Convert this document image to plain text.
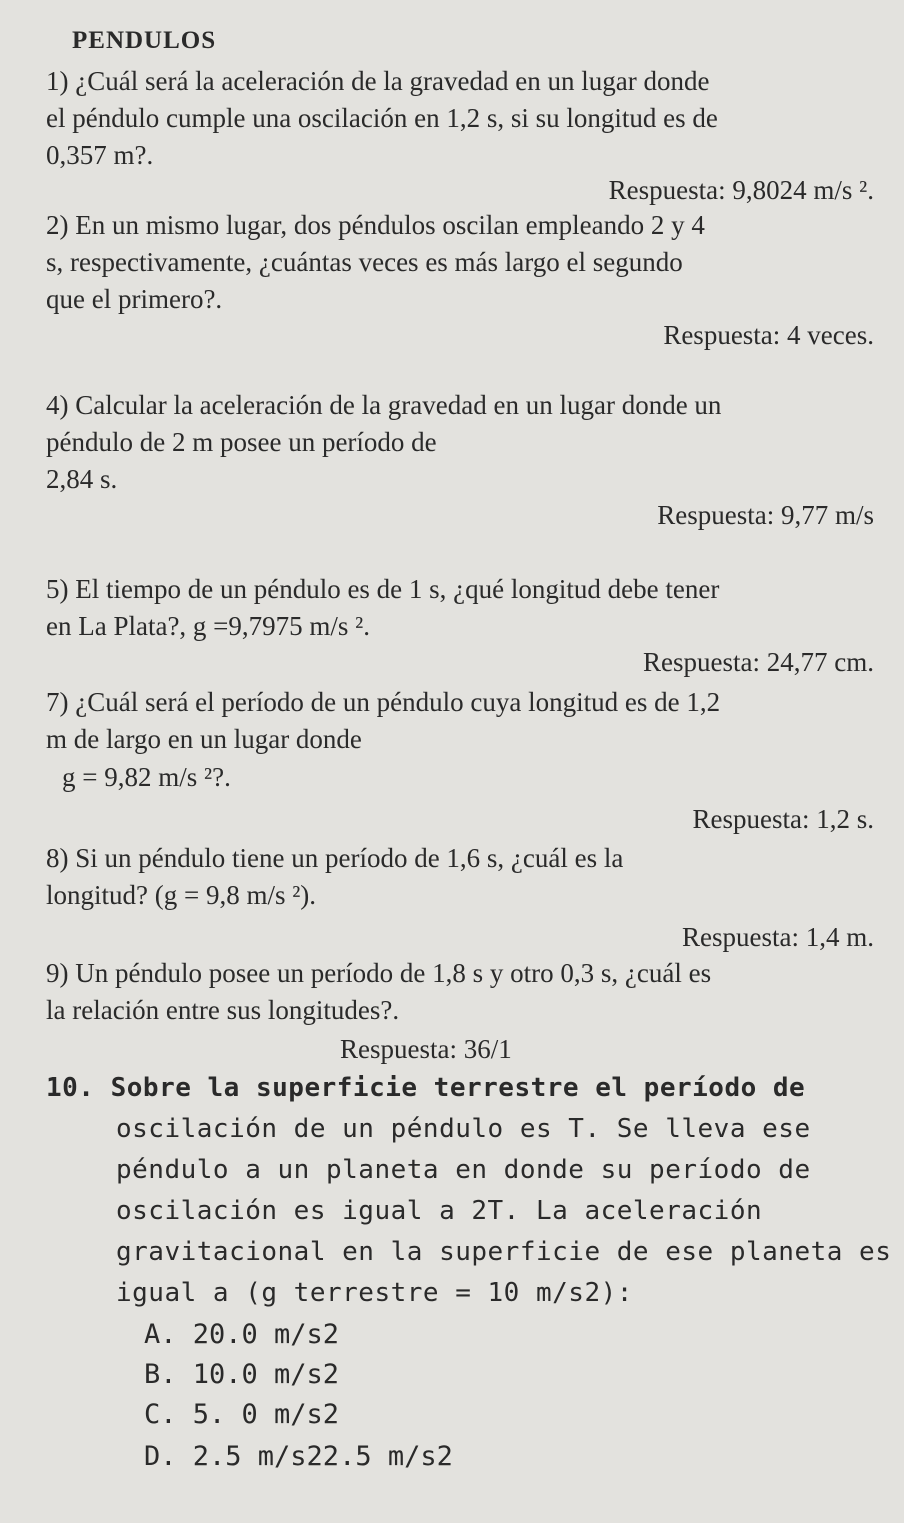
PENDULOS
1) ¿Cuál será la aceleración de la gravedad en un lugar donde
el péndulo cumple una oscilación en 1,2 s, si su longitud es de
0,357 m?.
Respuesta: 9,8024 m/s ².
2) En un mismo lugar, dos péndulos oscilan empleando 2 y 4
s, respectivamente, ¿cuántas veces es más largo el segundo
que el primero?.
Respuesta: 4 veces.
4) Calcular la aceleración de la gravedad en un lugar donde un
péndulo de 2 m posee un período de
2,84 s.
Respuesta: 9,77 m/s
5) El tiempo de un péndulo es de 1 s, ¿qué longitud debe tener
en La Plata?, g =9,7975 m/s ².
Respuesta: 24,77 cm.
7) ¿Cuál será el período de un péndulo cuya longitud es de 1,2
m de largo en un lugar donde
g = 9,82 m/s ²?.
Respuesta: 1,2 s.
8) Si un péndulo tiene un período de 1,6 s, ¿cuál es la
longitud? (g = 9,8 m/s ²).
Respuesta: 1,4 m.
9) Un péndulo posee un período de 1,8 s y otro 0,3 s, ¿cuál es
la relación entre sus longitudes?.
Respuesta: 36/1
10. Sobre la superficie terrestre el período de
oscilación de un péndulo es T. Se lleva ese
péndulo a un planeta en donde su período de
oscilación es igual a 2T. La aceleración
gravitacional en la superficie de ese planeta es
igual a (g terrestre = 10 m/s2):
A. 20.0 m/s2
B. 10.0 m/s2
C. 5. 0 m/s2
D. 2.5 m/s22.5 m/s2
